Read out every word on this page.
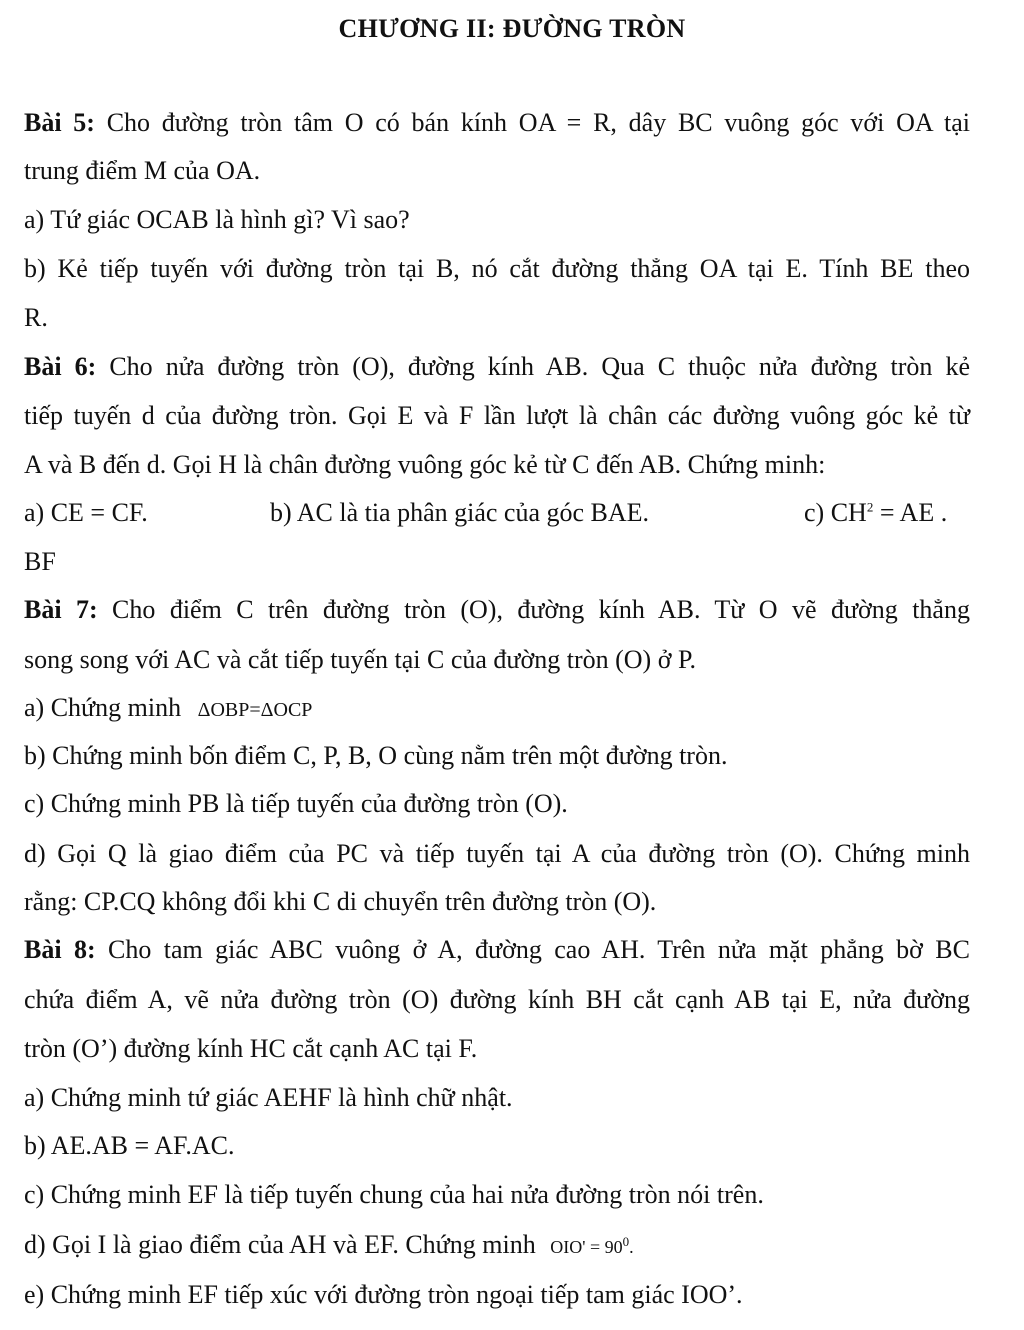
CHƯƠNG II: ĐƯỜNG TRÒN
Bài 5: Cho đường tròn tâm O có bán kính OA = R, dây BC vuông góc với OA tại
trung điểm M của OA.
a) Tứ giác OCAB là hình gì? Vì sao?
b) Kẻ tiếp tuyến với đường tròn tại B, nó cắt đường thẳng OA tại E. Tính BE theo
R.
Bài 6: Cho nửa đường tròn (O), đường kính AB. Qua C thuộc nửa đường tròn kẻ
tiếp tuyến d của đường tròn. Gọi E và F lần lượt là chân các đường vuông góc kẻ từ
A và B đến d. Gọi H là chân đường vuông góc kẻ từ C đến AB. Chứng minh:
a) CE = CF.	b) AC là tia phân giác của góc BAE.	c) $CH^2$ = AE .
BF
Bài 7: Cho điểm C trên đường tròn (O), đường kính AB. Từ O vẽ đường thẳng
song song với AC và cắt tiếp tuyến tại C của đường tròn (O) ở P.
a) Chứng minh ΔOBP=ΔOCP
b) Chứng minh bốn điểm C, P, B, O cùng nằm trên một đường tròn.
c) Chứng minh PB là tiếp tuyến của đường tròn (O).
d) Gọi Q là giao điểm của PC và tiếp tuyến tại A của đường tròn (O). Chứng minh
rằng: CP.CQ không đổi khi C di chuyển trên đường tròn (O).
Bài 8: Cho tam giác ABC vuông ở A, đường cao AH. Trên nửa mặt phẳng bờ BC
chứa điểm A, vẽ nửa đường tròn (O) đường kính BH cắt cạnh AB tại E, nửa đường
tròn (O’) đường kính HC cắt cạnh AC tại F.
a) Chứng minh tứ giác AEHF là hình chữ nhật.
b) AE.AB = AF.AC.
c) Chứng minh EF là tiếp tuyến chung của hai nửa đường tròn nói trên.
d) Gọi I là giao điểm của AH và EF. Chứng minh $OIO' = 90^0$.
e) Chứng minh EF tiếp xúc với đường tròn ngoại tiếp tam giác IOO’.
